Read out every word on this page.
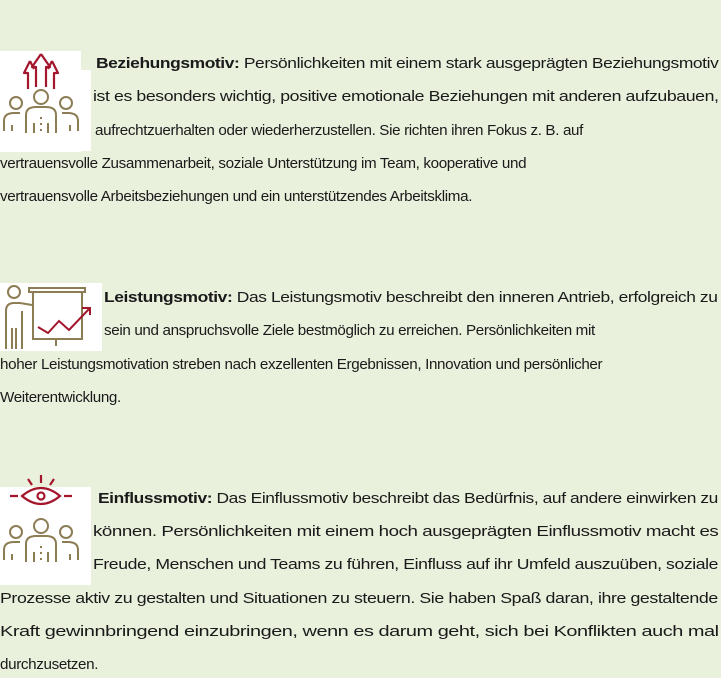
Beziehungsmotiv: Persönlichkeiten mit einem stark ausgeprägten Beziehungsmotiv
ist es besonders wichtig, positive emotionale Beziehungen mit anderen aufzubauen,
aufrechtzuerhalten oder wiederherzustellen. Sie richten ihren Fokus z. B. auf
vertrauensvolle Zusammenarbeit, soziale Unterstützung im Team, kooperative und
vertrauensvolle Arbeitsbeziehungen und ein unterstützendes Arbeitsklima.
Leistungsmotiv: Das Leistungsmotiv beschreibt den inneren Antrieb, erfolgreich zu
sein und anspruchsvolle Ziele bestmöglich zu erreichen. Persönlichkeiten mit
hoher Leistungsmotivation streben nach exzellenten Ergebnissen, Innovation und persönlicher
Weiterentwicklung.
Einflussmotiv: Das Einflussmotiv beschreibt das Bedürfnis, auf andere einwirken zu
können. Persönlichkeiten mit einem hoch ausgeprägten Einflussmotiv macht es
Freude, Menschen und Teams zu führen, Einfluss auf ihr Umfeld auszuüben, soziale
Prozesse aktiv zu gestalten und Situationen zu steuern. Sie haben Spaß daran, ihre gestaltende
Kraft gewinnbringend einzubringen, wenn es darum geht, sich bei Konflikten auch mal
durchzusetzen.
